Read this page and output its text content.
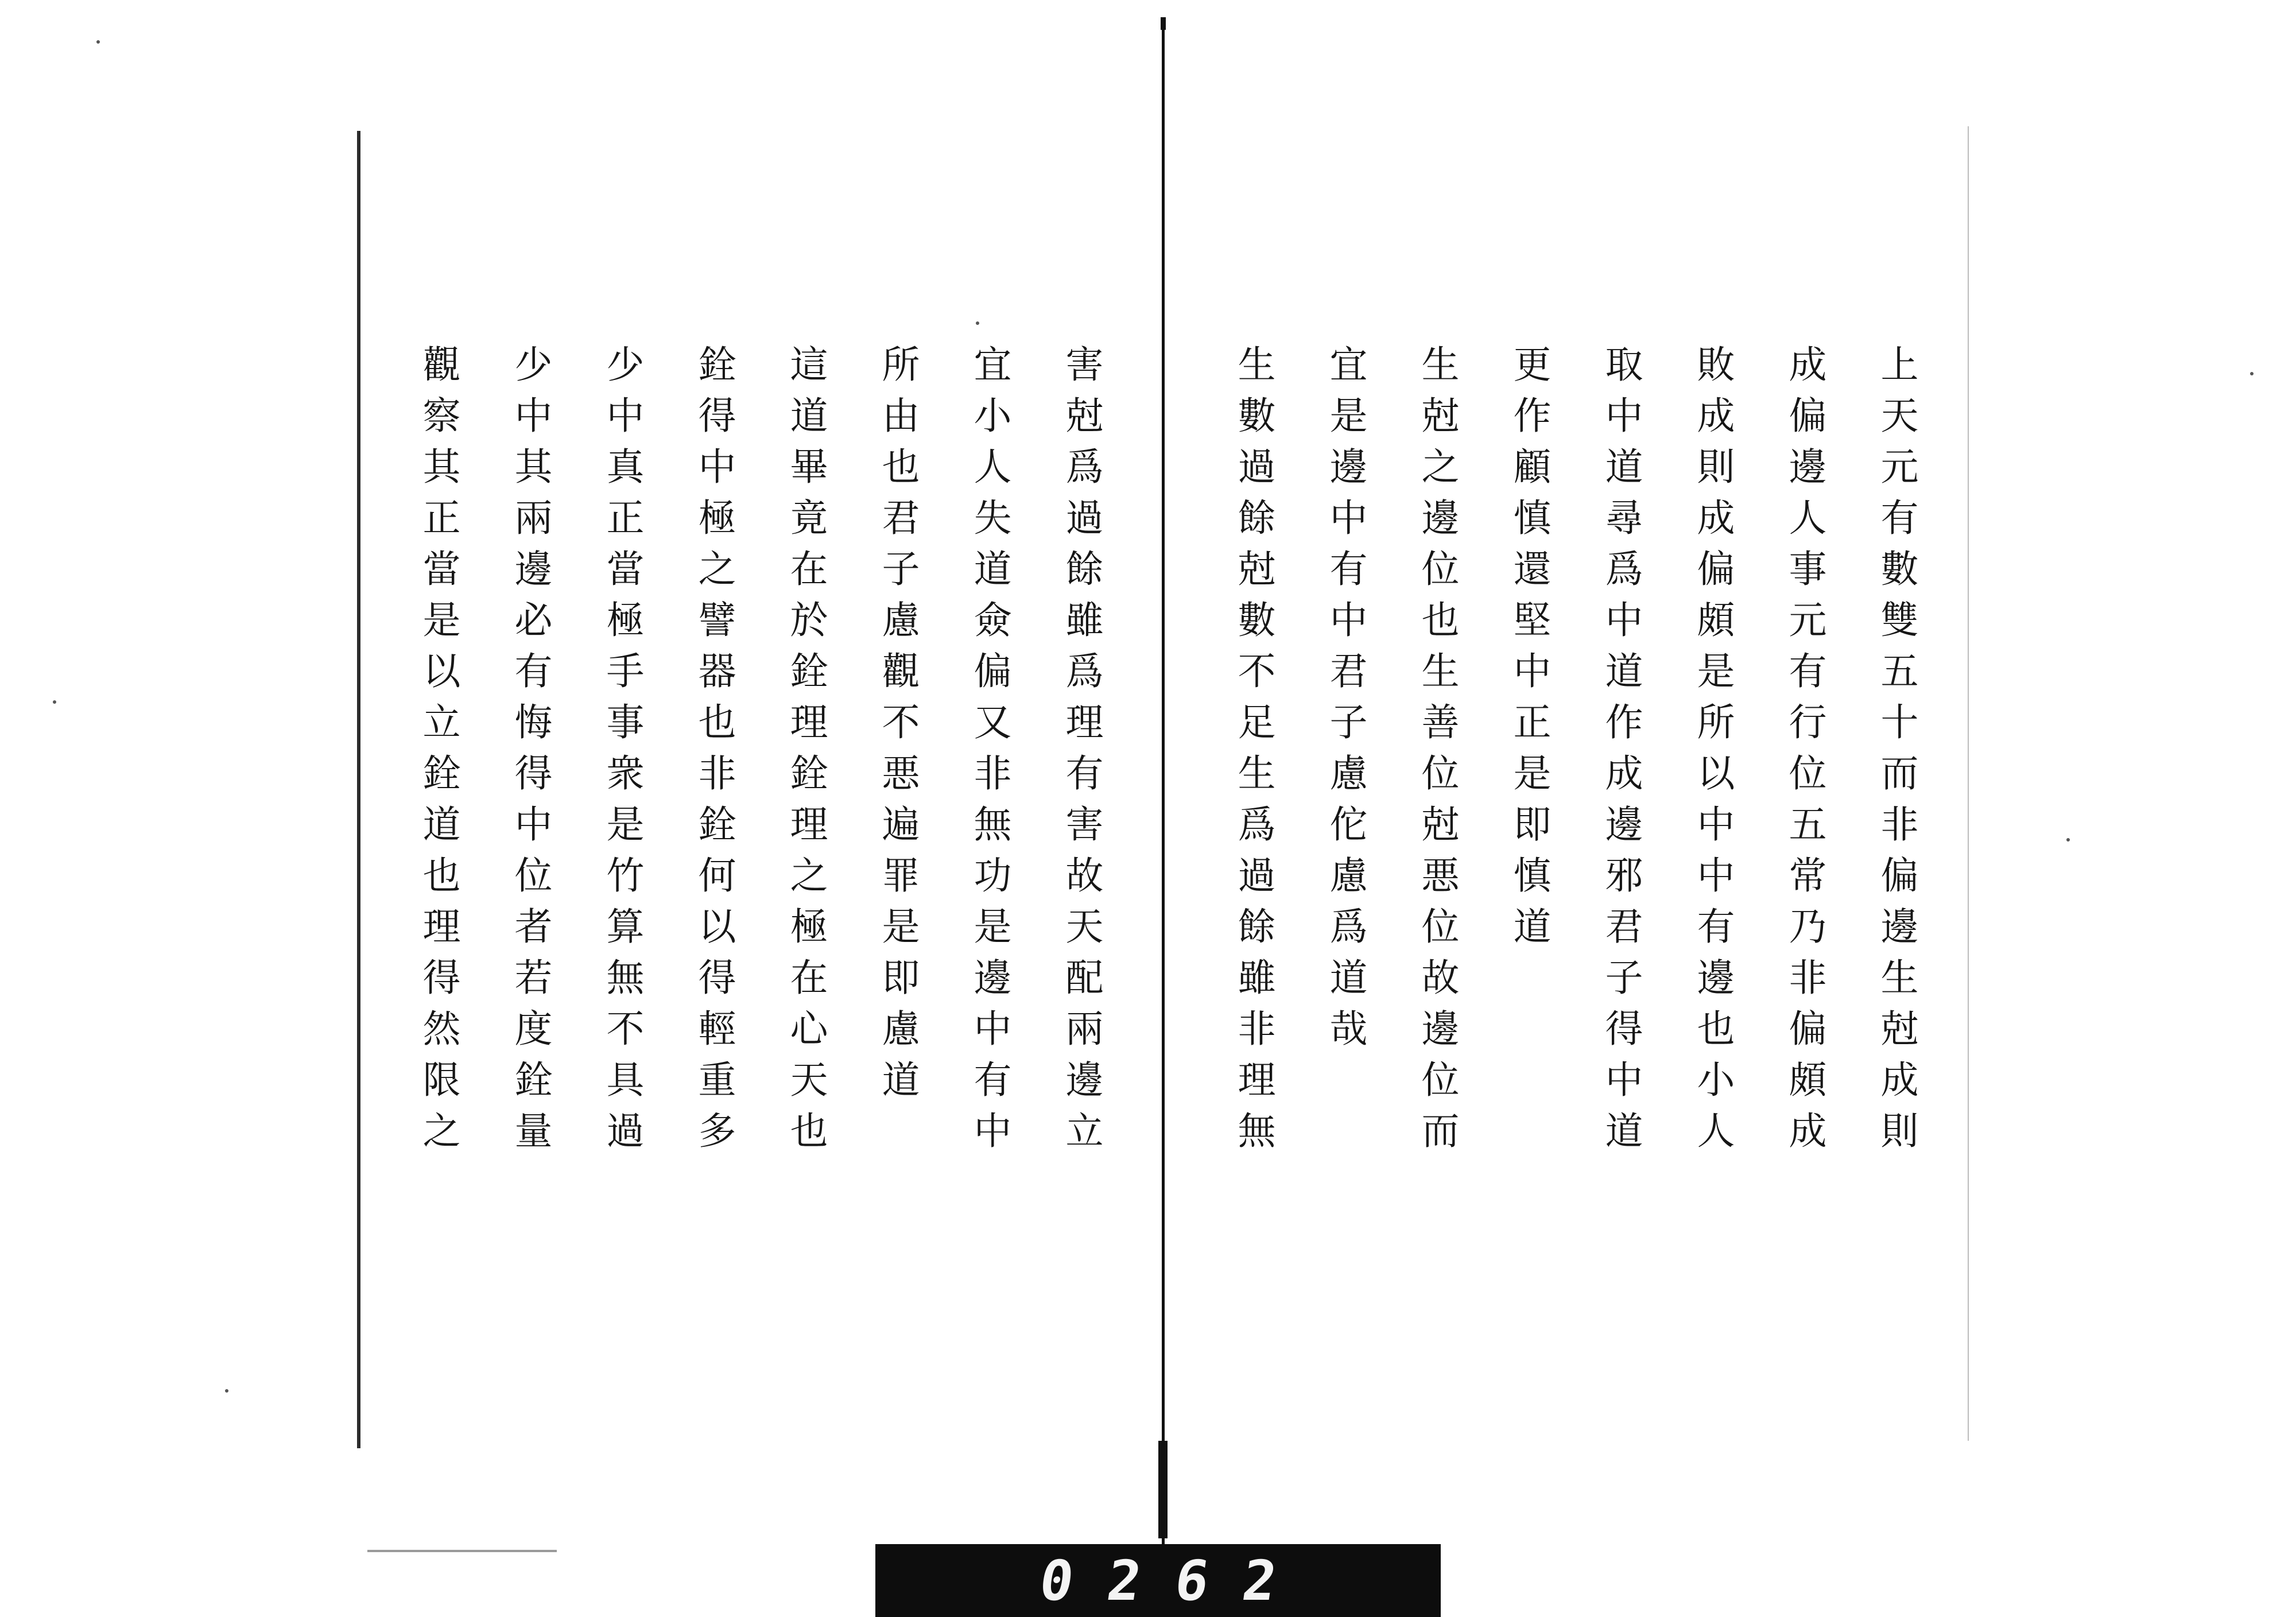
上天元有數雙五十而非偏邊生尅成則
成偏邊人事元有行位五常乃非偏頗成
敗成則成偏頗是所以中中有邊也小人
取中道尋爲中道作成邊邪君子得中道
更作顧慎還堅中正是即慎道
生尅之邊位也生善位尅悪位故邊位而
宜是邊中有中君子慮佗慮爲道哉
生數過餘尅數不足生爲過餘雖非理無
害尅爲過餘雖爲理有害故天配兩邊立
宜小人失道僉偏又非無功是邊中有中
所由也君子慮觀不悪遍罪是即慮道
這道畢竟在於銓理銓理之極在心天也
銓得中極之譬器也非銓何以得輕重多
少中真正當極手事衆是竹算無不具過
少中其兩邊必有悔得中位者若度銓量
觀察其正當是以立銓道也理得然限之
0262
